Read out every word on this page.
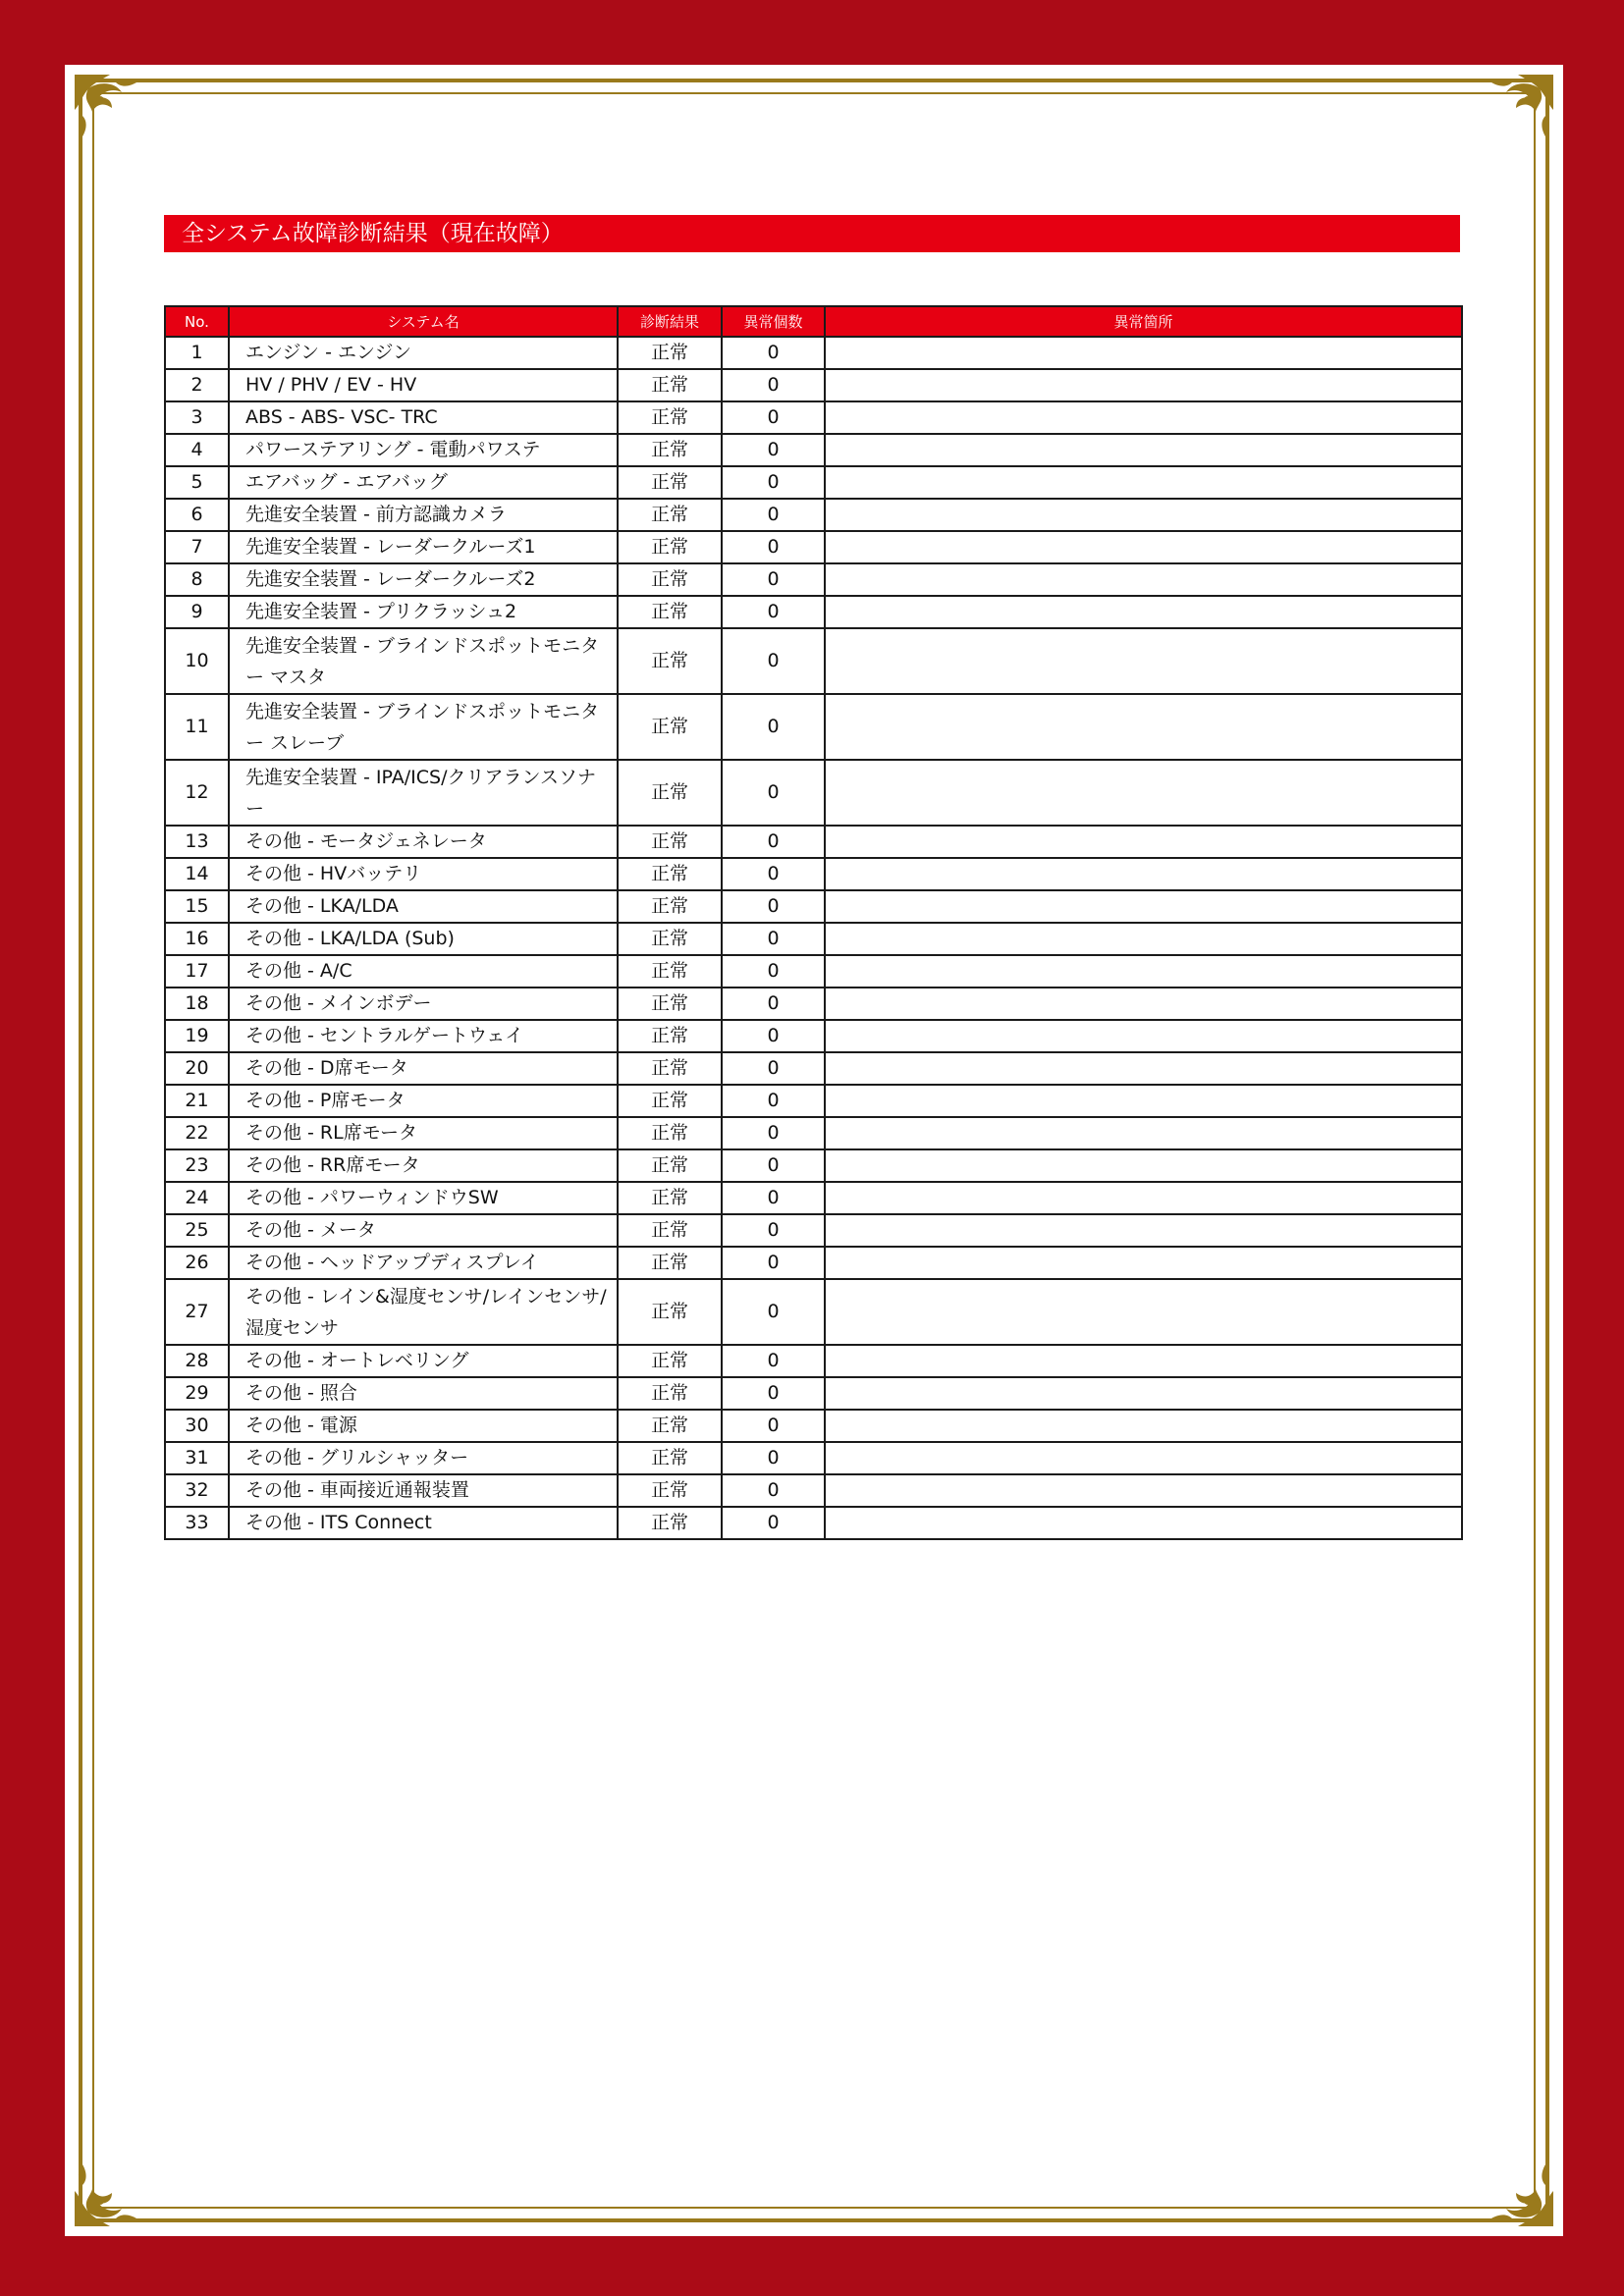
全システム故障診断結果（現在故障）
No.	システム名	診断結果	異常個数	異常箇所
1	エンジン - エンジン	正常	0	
2	HV / PHV / EV - HV	正常	0	
3	ABS - ABS- VSC- TRC	正常	0	
4	パワーステアリング - 電動パワステ	正常	0	
5	エアバッグ - エアバッグ	正常	0	
6	先進安全装置 - 前方認識カメラ	正常	0	
7	先進安全装置 - レーダークルーズ1	正常	0	
8	先進安全装置 - レーダークルーズ2	正常	0	
9	先進安全装置 - プリクラッシュ2	正常	0	
10	先進安全装置 - ブラインドスポットモニター マスタ	正常	0	
11	先進安全装置 - ブラインドスポットモニター スレーブ	正常	0	
12	先進安全装置 - IPA/ICS/クリアランスソナー	正常	0	
13	その他 - モータジェネレータ	正常	0	
14	その他 - HVバッテリ	正常	0	
15	その他 - LKA/LDA	正常	0	
16	その他 - LKA/LDA (Sub)	正常	0	
17	その他 - A/C	正常	0	
18	その他 - メインボデー	正常	0	
19	その他 - セントラルゲートウェイ	正常	0	
20	その他 - D席モータ	正常	0	
21	その他 - P席モータ	正常	0	
22	その他 - RL席モータ	正常	0	
23	その他 - RR席モータ	正常	0	
24	その他 - パワーウィンドウSW	正常	0	
25	その他 - メータ	正常	0	
26	その他 - ヘッドアップディスプレイ	正常	0	
27	その他 - レイン&湿度センサ/レインセンサ/湿度センサ	正常	0	
28	その他 - オートレベリング	正常	0	
29	その他 - 照合	正常	0	
30	その他 - 電源	正常	0	
31	その他 - グリルシャッター	正常	0	
32	その他 - 車両接近通報装置	正常	0	
33	その他 - ITS Connect	正常	0	
